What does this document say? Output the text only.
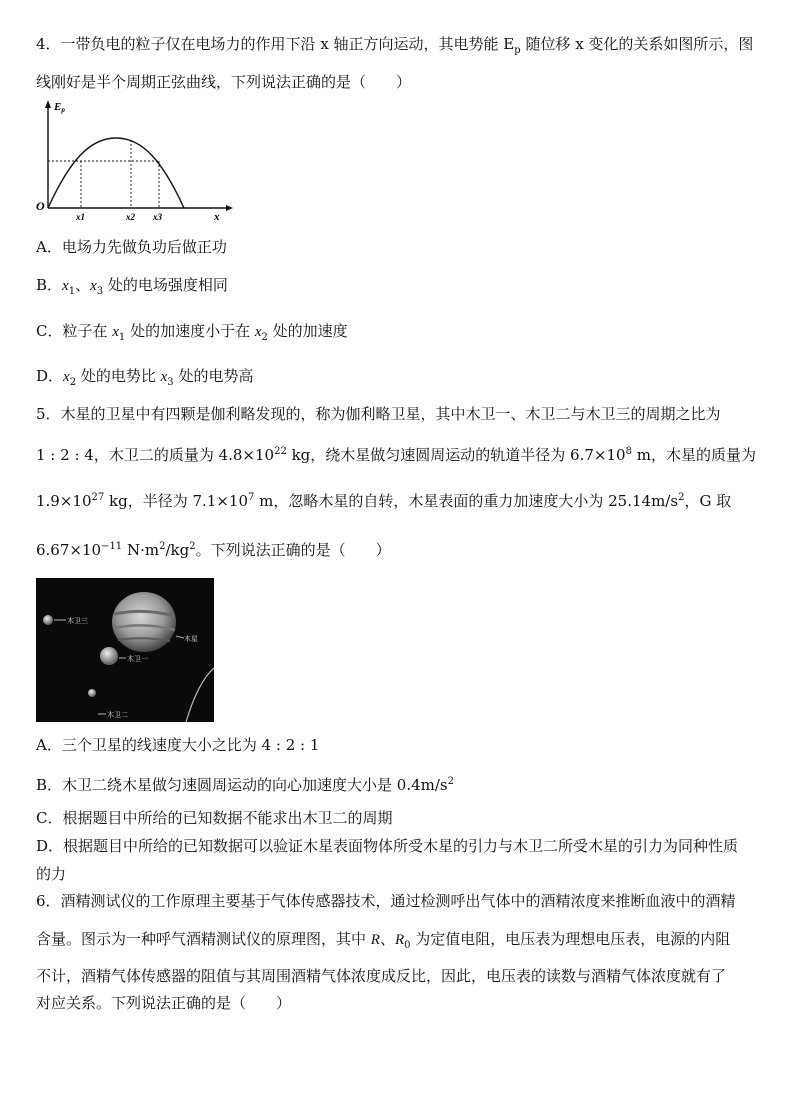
4．一带负电的粒子仅在电场力的作用下沿 x 轴正方向运动，其电势能 $E_p$ 随位移 x 变化的关系如图所示，图
线刚好是半个周期正弦曲线，下列说法正确的是（　　）
Ep
x
O
x1	x2 x3
A．电场力先做负功后做正功
B．$x_1$、$x_3$ 处的电场强度相同
C．粒子在 $x_1$ 处的加速度小于在 $x_2$ 处的加速度
D．$x_2$ 处的电势比 $x_3$ 处的电势高
5．木星的卫星中有四颗是伽利略发现的，称为伽利略卫星，其中木卫一、木卫二与木卫三的周期之比为
1 : 2 : 4，木卫二的质量为 $4.8\times 10^{22}$ kg，绕木星做匀速圆周运动的轨道半径为 $6.7\times 10^8$ m，木星的质量为
$1.9\times 10^{27}$ kg，半径为 $7.1\times 10^7$ m，忽略木星的自转，木星表面的重力加速度大小为 $25.14m/s^2$，G 取
$6.67\times 10^{-11}$ $N\cdot m^2/kg^2$。下列说法正确的是（　　）
木卫三
木星
木卫一
木卫二
A．三个卫星的线速度大小之比为 4 : 2 : 1
B．木卫二绕木星做匀速圆周运动的向心加速度大小是 $0.4m/s^2$
C．根据题目中所给的已知数据不能求出木卫二的周期
D．根据题目中所给的已知数据可以验证木星表面物体所受木星的引力与木卫二所受木星的引力为同种性质
的力
6．酒精测试仪的工作原理主要基于气体传感器技术，通过检测呼出气体中的酒精浓度来推断血液中的酒精
含量。图示为一种呼气酒精测试仪的原理图，其中 R、$R_0$ 为定值电阻，电压表为理想电压表，电源的内阻
不计，酒精气体传感器的阻值与其周围酒精气体浓度成反比，因此，电压表的读数与酒精气体浓度就有了
对应关系。下列说法正确的是（　　）
